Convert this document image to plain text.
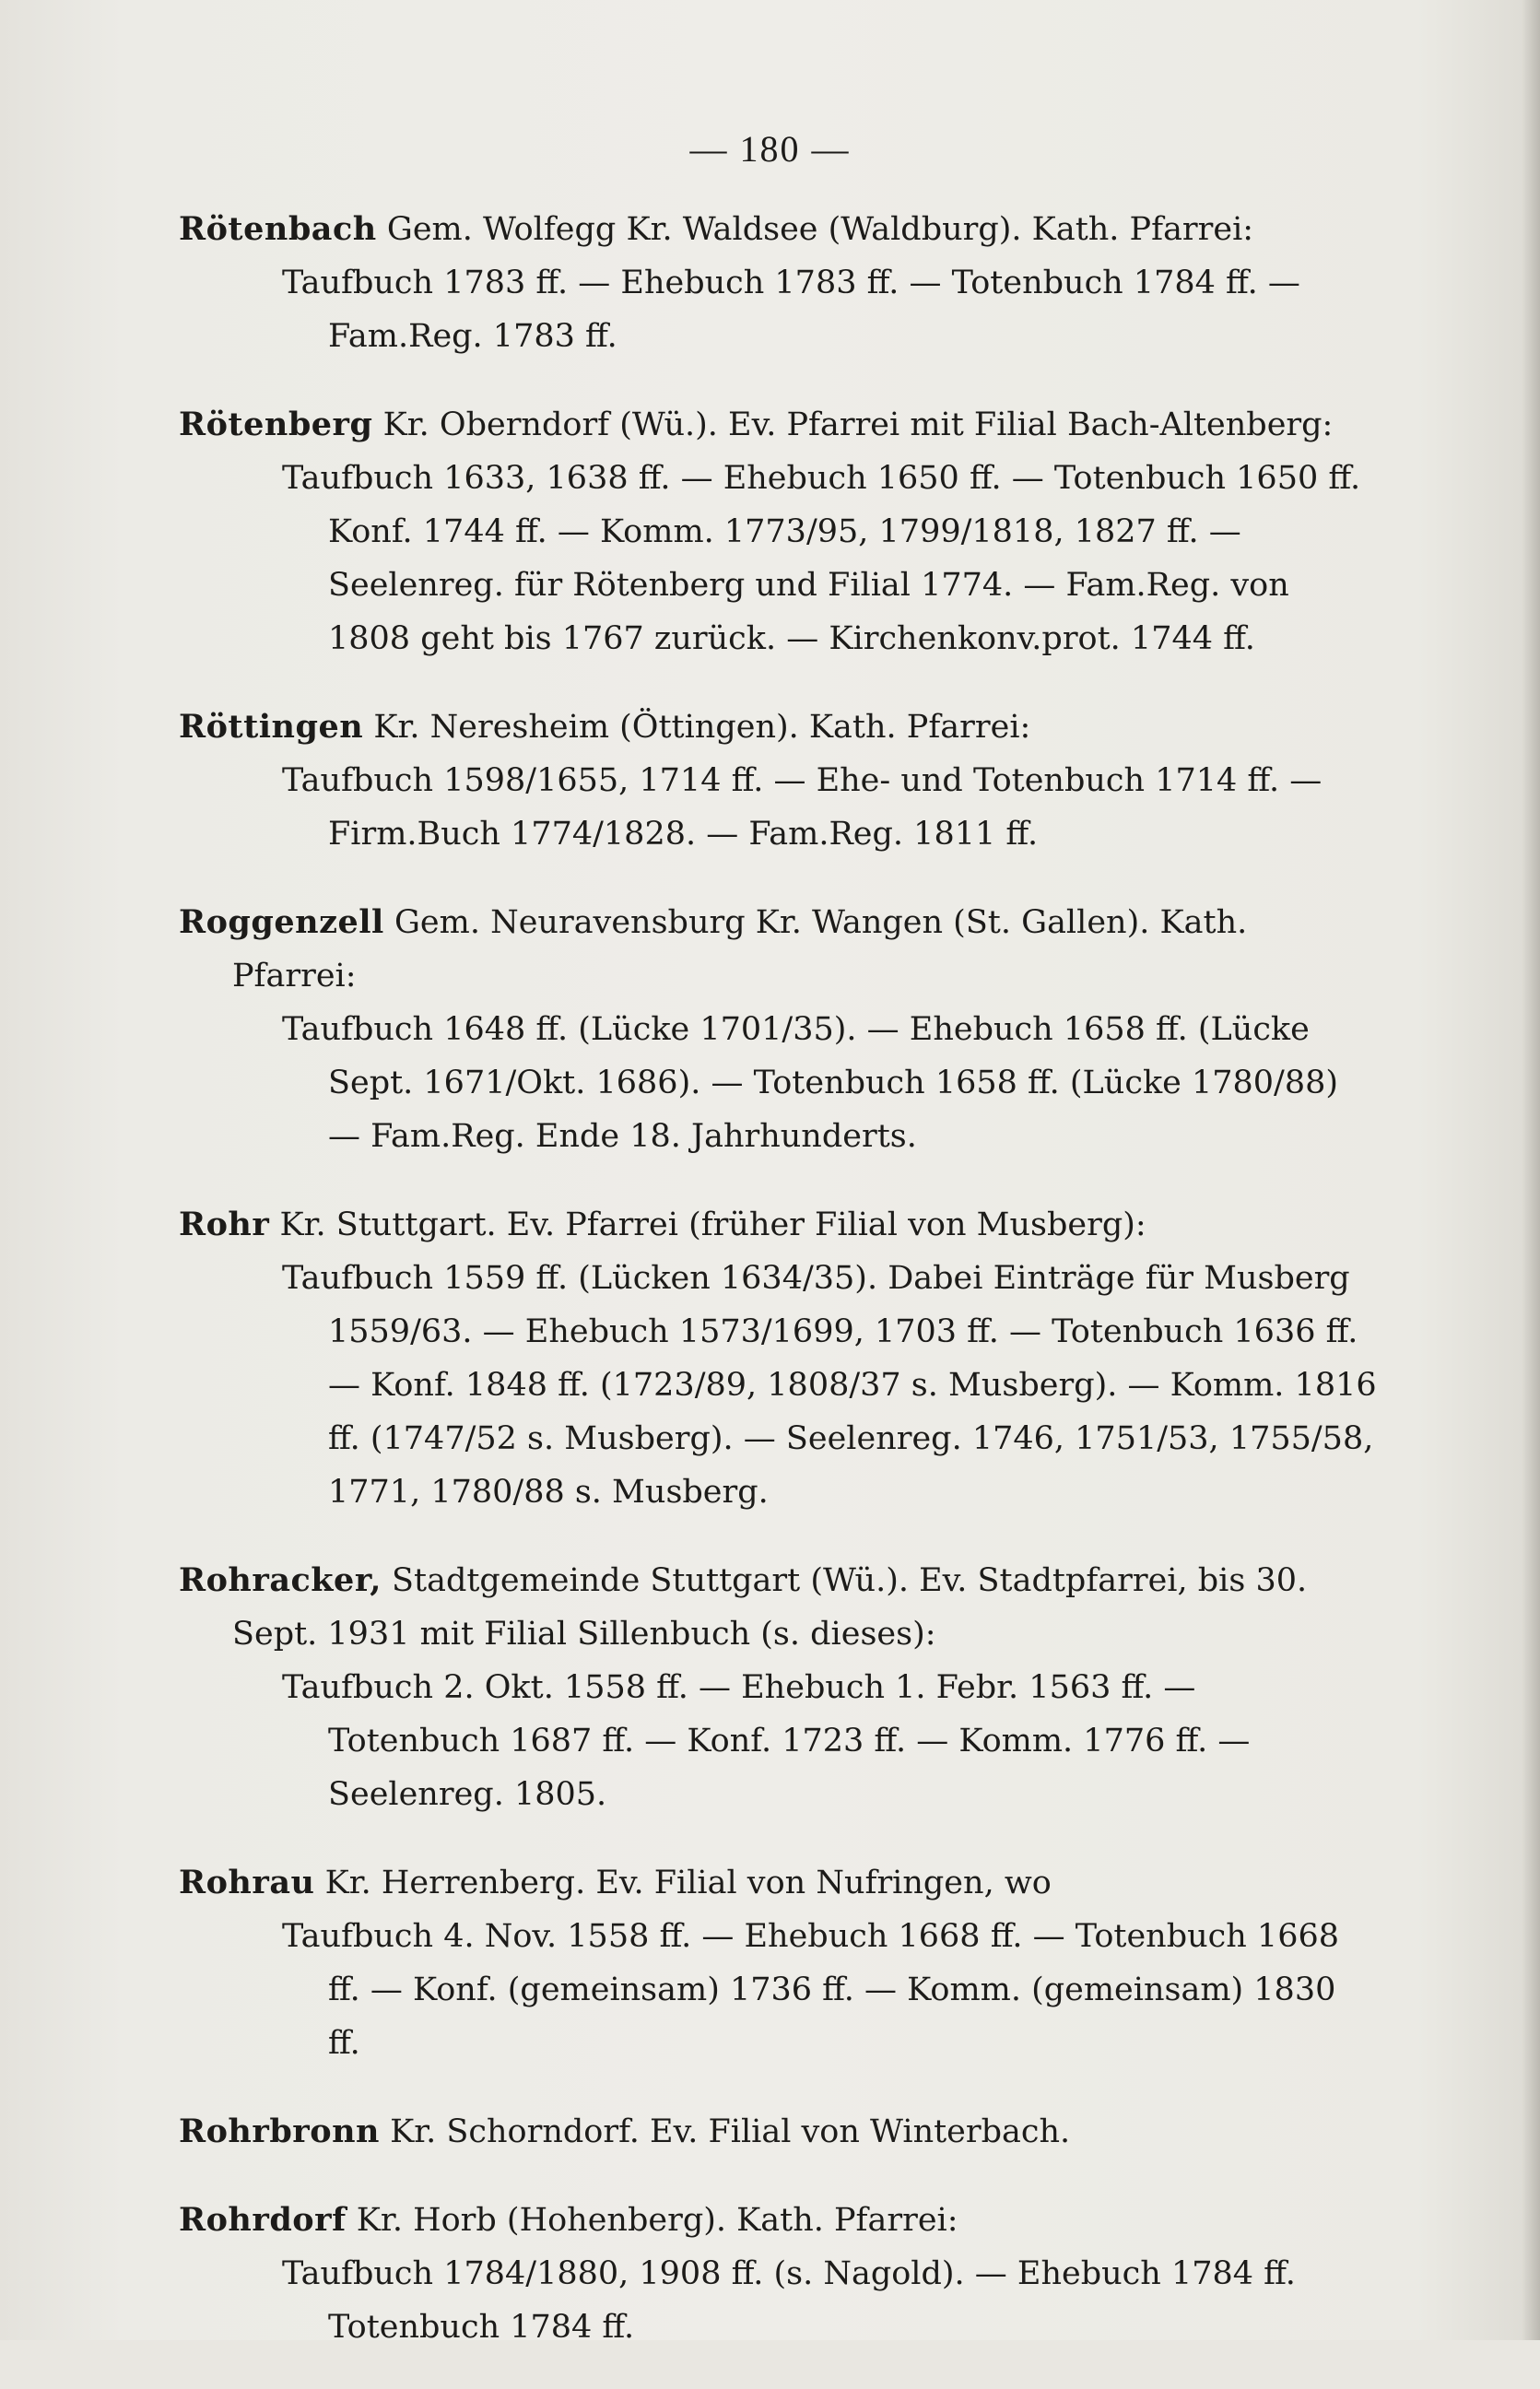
— 180 —
Rötenbach Gem. Wolfegg Kr. Waldsee (Waldburg). Kath. Pfarrei:
Taufbuch 1783 ff. — Ehebuch 1783 ff. — Totenbuch 1784 ff. — Fam.Reg. 1783 ff.
Rötenberg Kr. Oberndorf (Wü.). Ev. Pfarrei mit Filial Bach-Altenberg:
Taufbuch 1633, 1638 ff. — Ehebuch 1650 ff. — Totenbuch 1650 ff. Konf. 1744 ff. — Komm. 1773/95, 1799/1818, 1827 ff. — Seelenreg. für Rötenberg und Filial 1774. — Fam.Reg. von 1808 geht bis 1767 zurück. — Kirchenkonv.prot. 1744 ff.
Röttingen Kr. Neresheim (Öttingen). Kath. Pfarrei:
Taufbuch 1598/1655, 1714 ff. — Ehe- und Totenbuch 1714 ff. — Firm.Buch 1774/1828. — Fam.Reg. 1811 ff.
Roggenzell Gem. Neuravensburg Kr. Wangen (St. Gallen). Kath. Pfarrei:
Taufbuch 1648 ff. (Lücke 1701/35). — Ehebuch 1658 ff. (Lücke Sept. 1671/Okt. 1686). — Totenbuch 1658 ff. (Lücke 1780/88) — Fam.Reg. Ende 18. Jahrhunderts.
Rohr Kr. Stuttgart. Ev. Pfarrei (früher Filial von Musberg):
Taufbuch 1559 ff. (Lücken 1634/35). Dabei Einträge für Musberg 1559/63. — Ehebuch 1573/1699, 1703 ff. — Totenbuch 1636 ff. — Konf. 1848 ff. (1723/89, 1808/37 s. Musberg). — Komm. 1816 ff. (1747/52 s. Musberg). — Seelenreg. 1746, 1751/53, 1755/58, 1771, 1780/88 s. Musberg.
Rohracker, Stadtgemeinde Stuttgart (Wü.). Ev. Stadtpfarrei, bis 30. Sept. 1931 mit Filial Sillenbuch (s. dieses):
Taufbuch 2. Okt. 1558 ff. — Ehebuch 1. Febr. 1563 ff. — Totenbuch 1687 ff. — Konf. 1723 ff. — Komm. 1776 ff. — Seelenreg. 1805.
Rohrau Kr. Herrenberg. Ev. Filial von Nufringen, wo
Taufbuch 4. Nov. 1558 ff. — Ehebuch 1668 ff. — Totenbuch 1668 ff. — Konf. (gemeinsam) 1736 ff. — Komm. (gemeinsam) 1830 ff.
Rohrbronn Kr. Schorndorf. Ev. Filial von Winterbach.
Rohrdorf Kr. Horb (Hohenberg). Kath. Pfarrei:
Taufbuch 1784/1880, 1908 ff. (s. Nagold). — Ehebuch 1784 ff. Totenbuch 1784 ff.
